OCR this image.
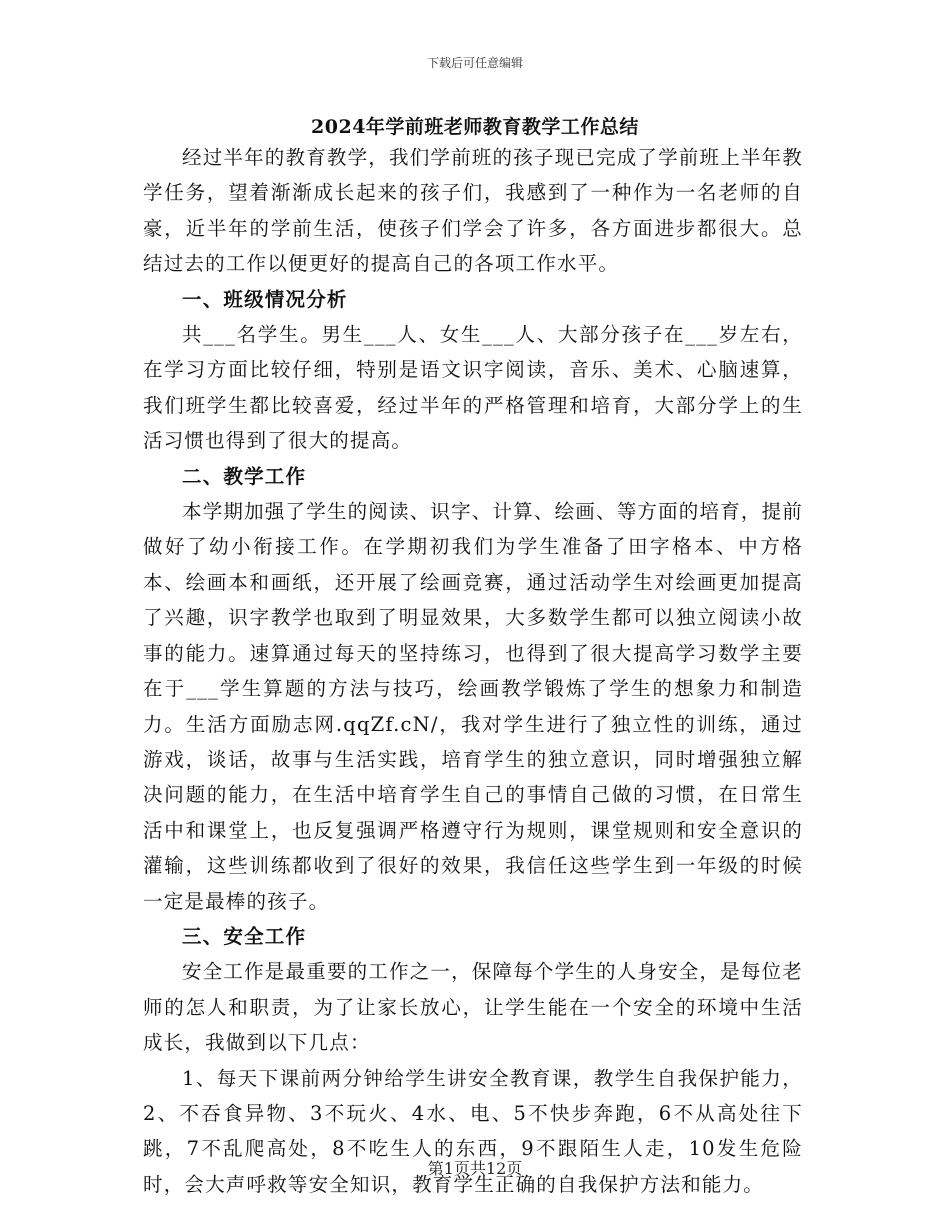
下载后可任意编辑
2024年学前班老师教育教学工作总结

经过半年的教育教学，我们学前班的孩子现已完成了学前班上半年教学任务，望着渐渐成长起来的孩子们，我感到了一种作为一名老师的自豪，近半年的学前生活，使孩子们学会了许多，各方面进步都很大。总结过去的工作以便更好的提高自己的各项工作水平。

一、班级情况分析

共___名学生。男生___人、女生___人、大部分孩子在___岁左右，在学习方面比较仔细，特别是语文识字阅读，音乐、美术、心脑速算，我们班学生都比较喜爱，经过半年的严格管理和培育，大部分学上的生活习惯也得到了很大的提高。

二、教学工作

本学期加强了学生的阅读、识字、计算、绘画、等方面的培育，提前做好了幼小衔接工作。在学期初我们为学生准备了田字格本、中方格本、绘画本和画纸，还开展了绘画竞赛，通过活动学生对绘画更加提高了兴趣，识字教学也取到了明显效果，大多数学生都可以独立阅读小故事的能力。速算通过每天的坚持练习，也得到了很大提高学习数学主要在于___学生算题的方法与技巧，绘画教学锻炼了学生的想象力和制造力。生活方面励志网.qqZf.cN/，我对学生进行了独立性的训练，通过游戏，谈话，故事与生活实践，培育学生的独立意识，同时增强独立解决问题的能力，在生活中培育学生自己的事情自己做的习惯，在日常生活中和课堂上，也反复强调严格遵守行为规则，课堂规则和安全意识的灌输，这些训练都收到了很好的效果，我信任这些学生到一年级的时候一定是最棒的孩子。

三、安全工作

安全工作是最重要的工作之一，保障每个学生的人身安全，是每位老师的怎人和职责，为了让家长放心，让学生能在一个安全的环境中生活成长，我做到以下几点：

1、每天下课前两分钟给学生讲安全教育课，教学生自我保护能力，2、不吞食异物、3不玩火、4水、电、5不快步奔跑，6不从高处往下跳，7不乱爬高处，8不吃生人的东西，9不跟陌生人走，10发生危险时，会大声呼救等安全知识，教育学生正确的自我保护方法和能力。

第1页共12页
